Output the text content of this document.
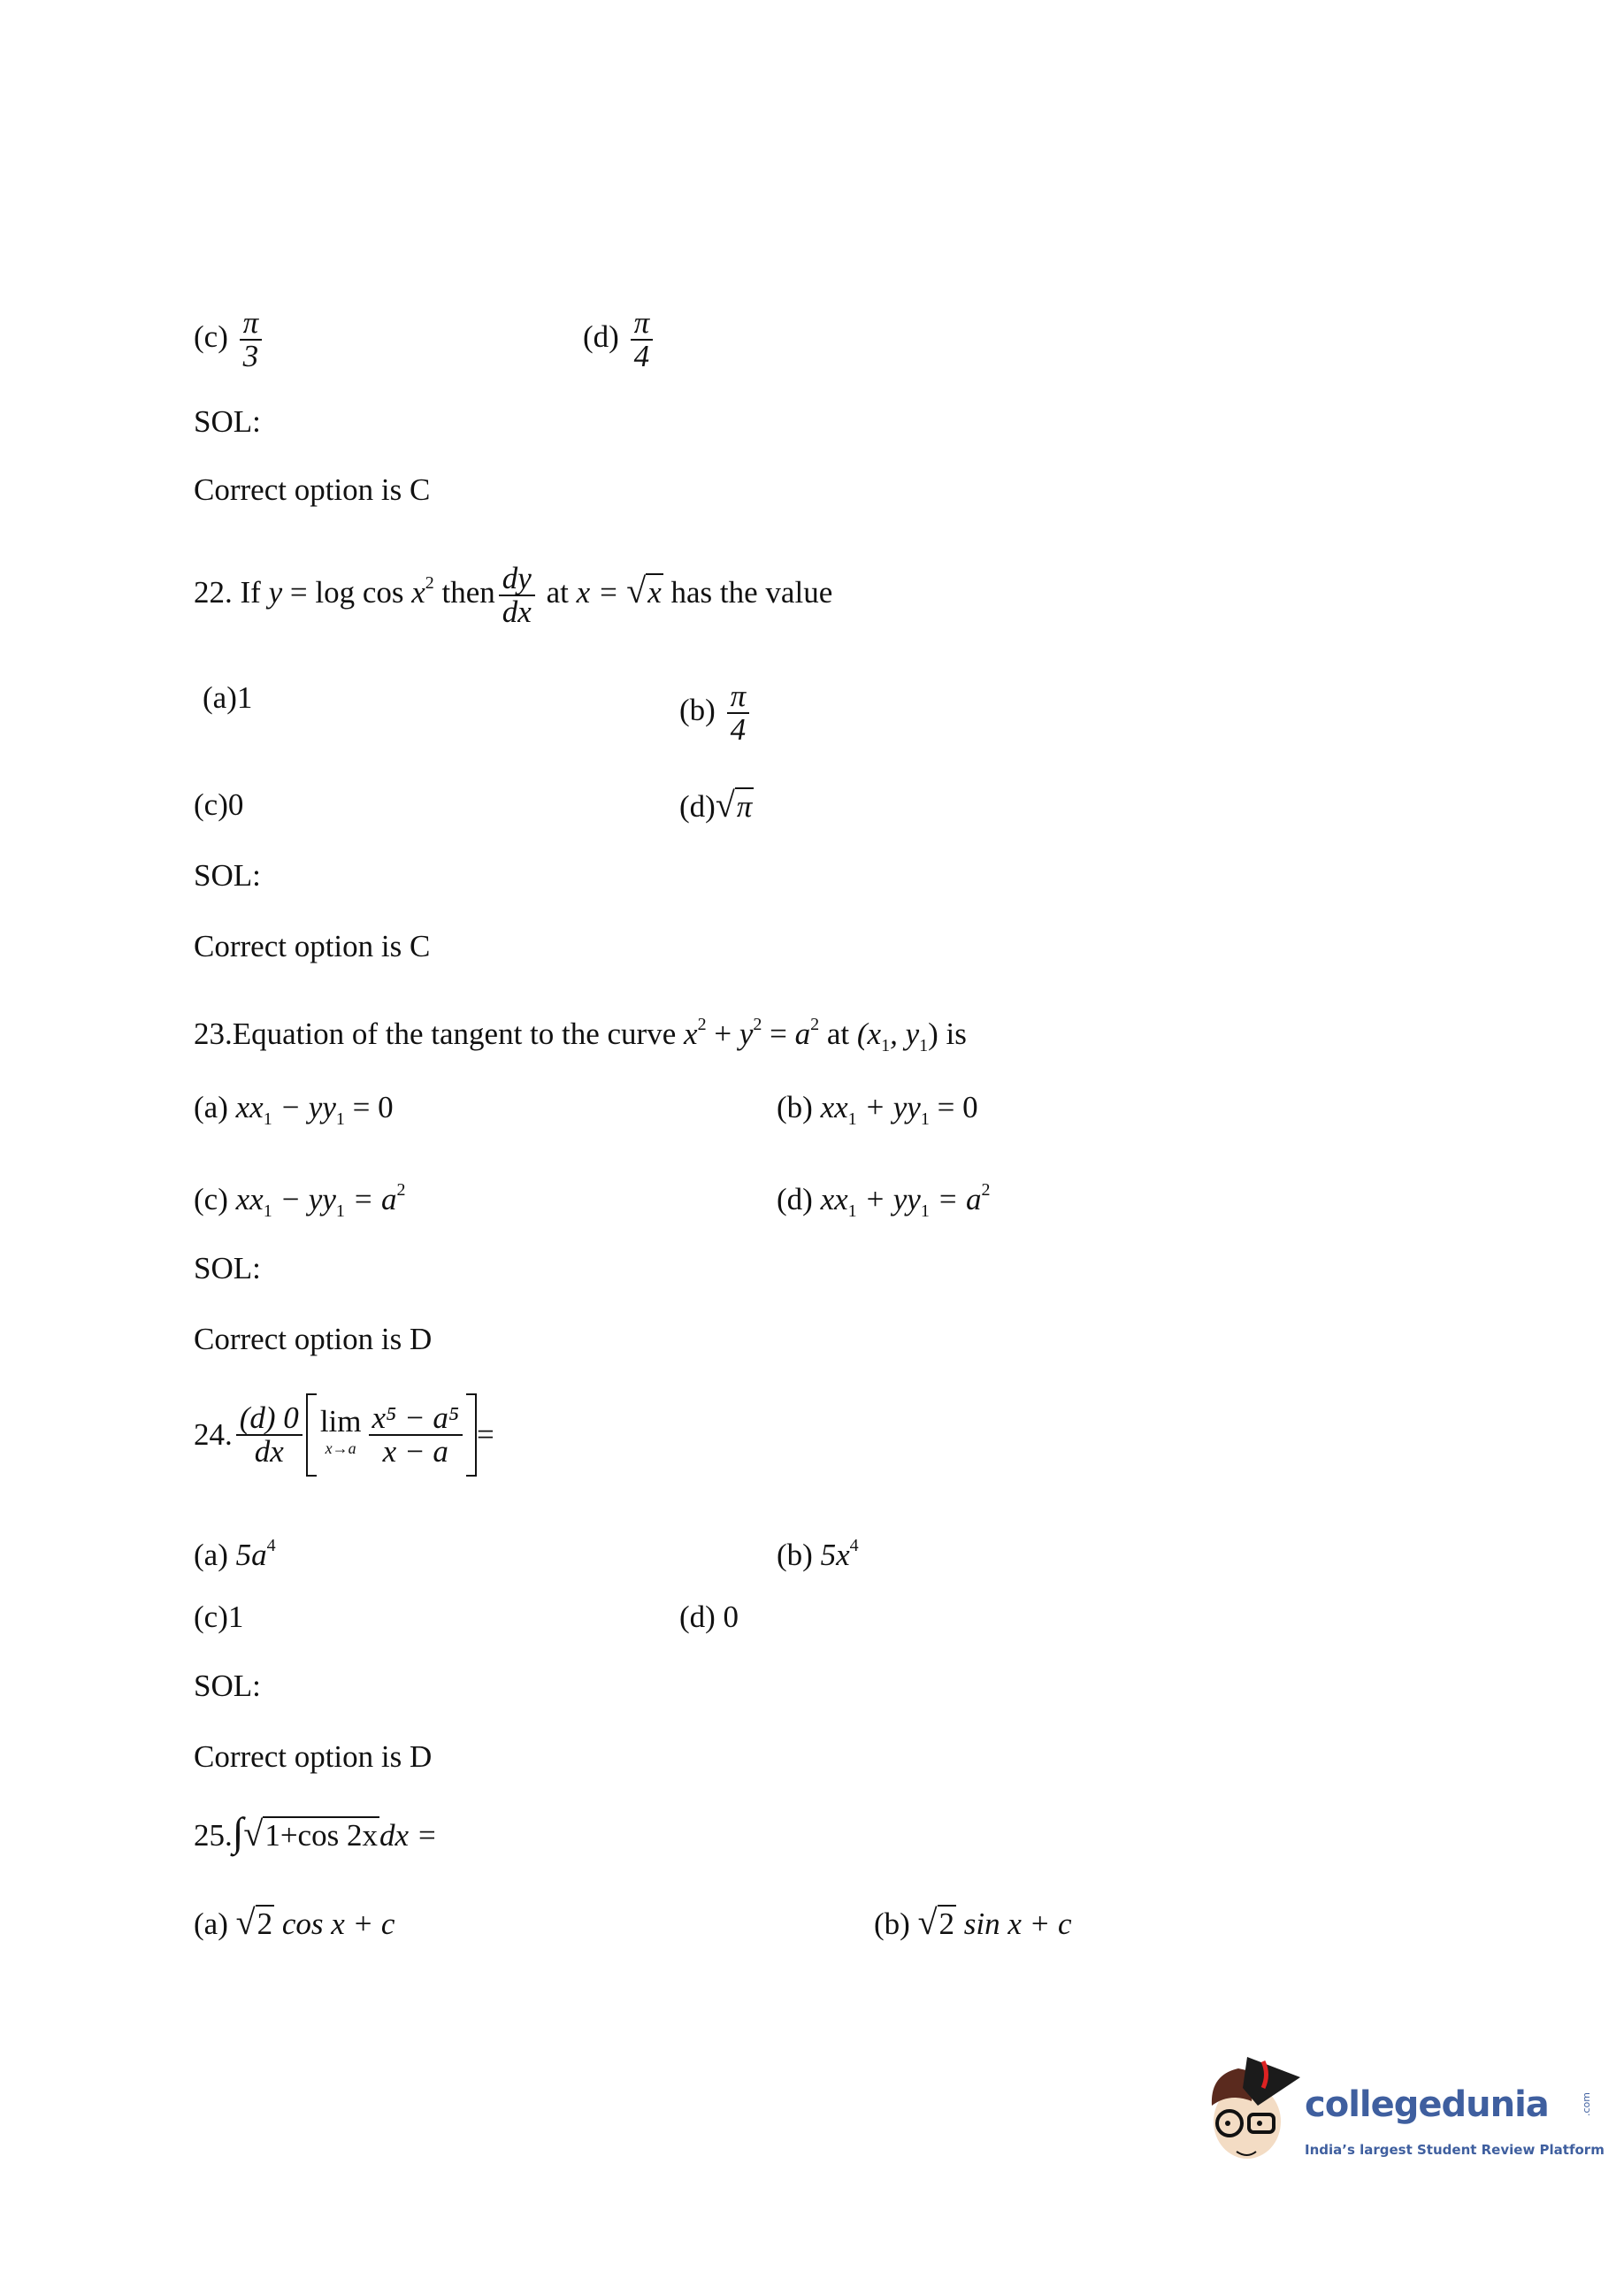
$(c) \frac{\pi}{3}$	$(d) \frac{\pi}{4}$
SOL:
Correct option is C
22. If $y = \log \cos x^2$ then $\frac{dy}{dx}$ at x = √x has the value
(a)1	$(b) \frac{\pi}{4}$
(c)0	(d)√π
SOL:
Correct option is C
23.Equation of the tangent to the curve $x^2 + y^2 = a^2$ at ($x_1$, $y_1$) is
(a) $xx_1 - yy_1 = 0$	(b) $xx_1 + yy_1 = 0$
(c) $xx_1 - yy_1 = a^2$	(d) $xx_1 + yy_1 = a^2$
SOL:
Correct option is D
24. $\frac{(d) 0}{dx}$ lim
$x\to a \frac{\text{x⁵ − a⁵}}{x - a}$ =
(a) $5a^4$	(b) $5x^4$
(c)1	(d) 0
SOL:
Correct option is D
25.∫√1+cos 2xdx =
(a) √2 cos x + c	(b) √2 sin x + c
collegedunia	.com
India’s largest Student Review Platform
